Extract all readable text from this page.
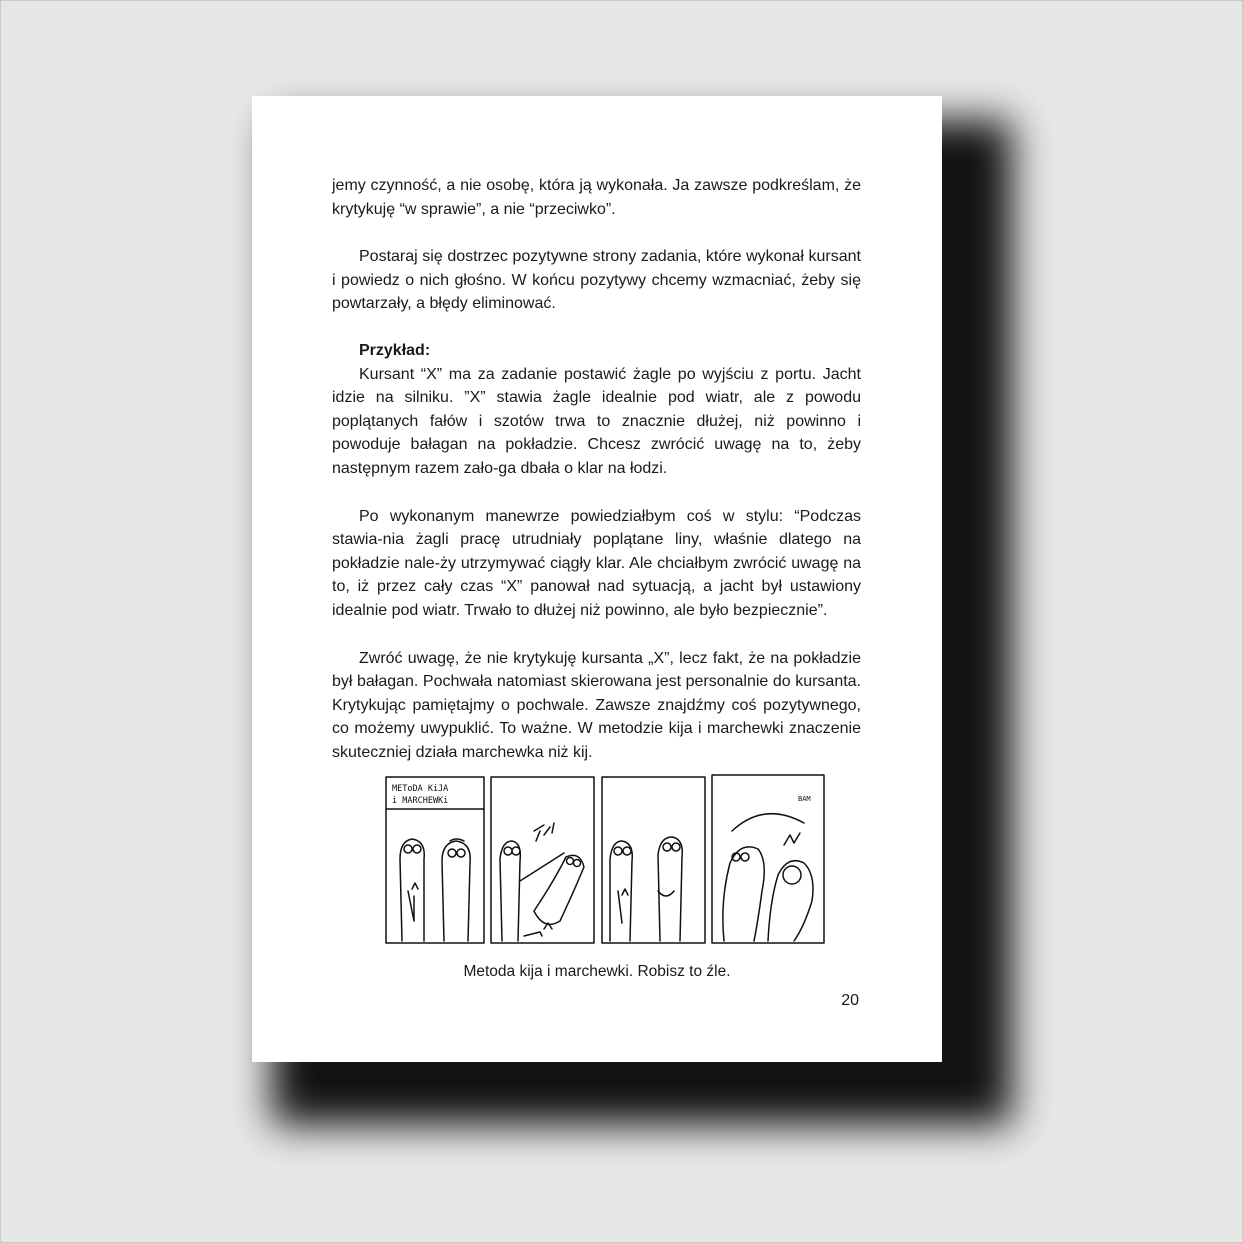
jemy czynność, a nie osobę, która ją wykonała. Ja zawsze podkreślam, że krytykuję “w sprawie”, a nie “przeciwko”.

Postaraj się dostrzec pozytywne strony zadania, które wykonał kursant i powiedz o nich głośno. W końcu pozytywy chcemy wzmacniać, żeby się powtarzały, a błędy eliminować.

Przykład:

Kursant “X” ma za zadanie postawić żagle po wyjściu z portu. Jacht idzie na silniku. ”X” stawia żagle idealnie pod wiatr, ale z powodu poplątanych fałów i szotów trwa to znacznie dłużej, niż powinno i powoduje bałagan na pokładzie. Chcesz zwrócić uwagę na to, żeby następnym razem zało-ga dbała o klar na łodzi.

Po wykonanym manewrze powiedziałbym coś w stylu: “Podczas stawia-nia żagli pracę utrudniały poplątane liny, właśnie dlatego na pokładzie nale-ży utrzymywać ciągły klar. Ale chciałbym zwrócić uwagę na to, iż przez cały czas “X” panował nad sytuacją, a jacht był ustawiony idealnie pod wiatr. Trwało to dłużej niż powinno, ale było bezpiecznie”.

Zwróć uwagę, że nie krytykuję kursanta „X”, lecz fakt, że na pokładzie był bałagan. Pochwała natomiast skierowana jest personalnie do kursanta. Krytykując pamiętajmy o pochwale. Zawsze znajdźmy coś pozytywnego, co możemy uwypuklić. To ważne. W metodzie kija i marchewki znaczenie skuteczniej działa marchewka niż kij.

METoDA KiJA
i MARCHEWKi	BAM
Metoda kija i marchewki. Robisz to źle.
20
